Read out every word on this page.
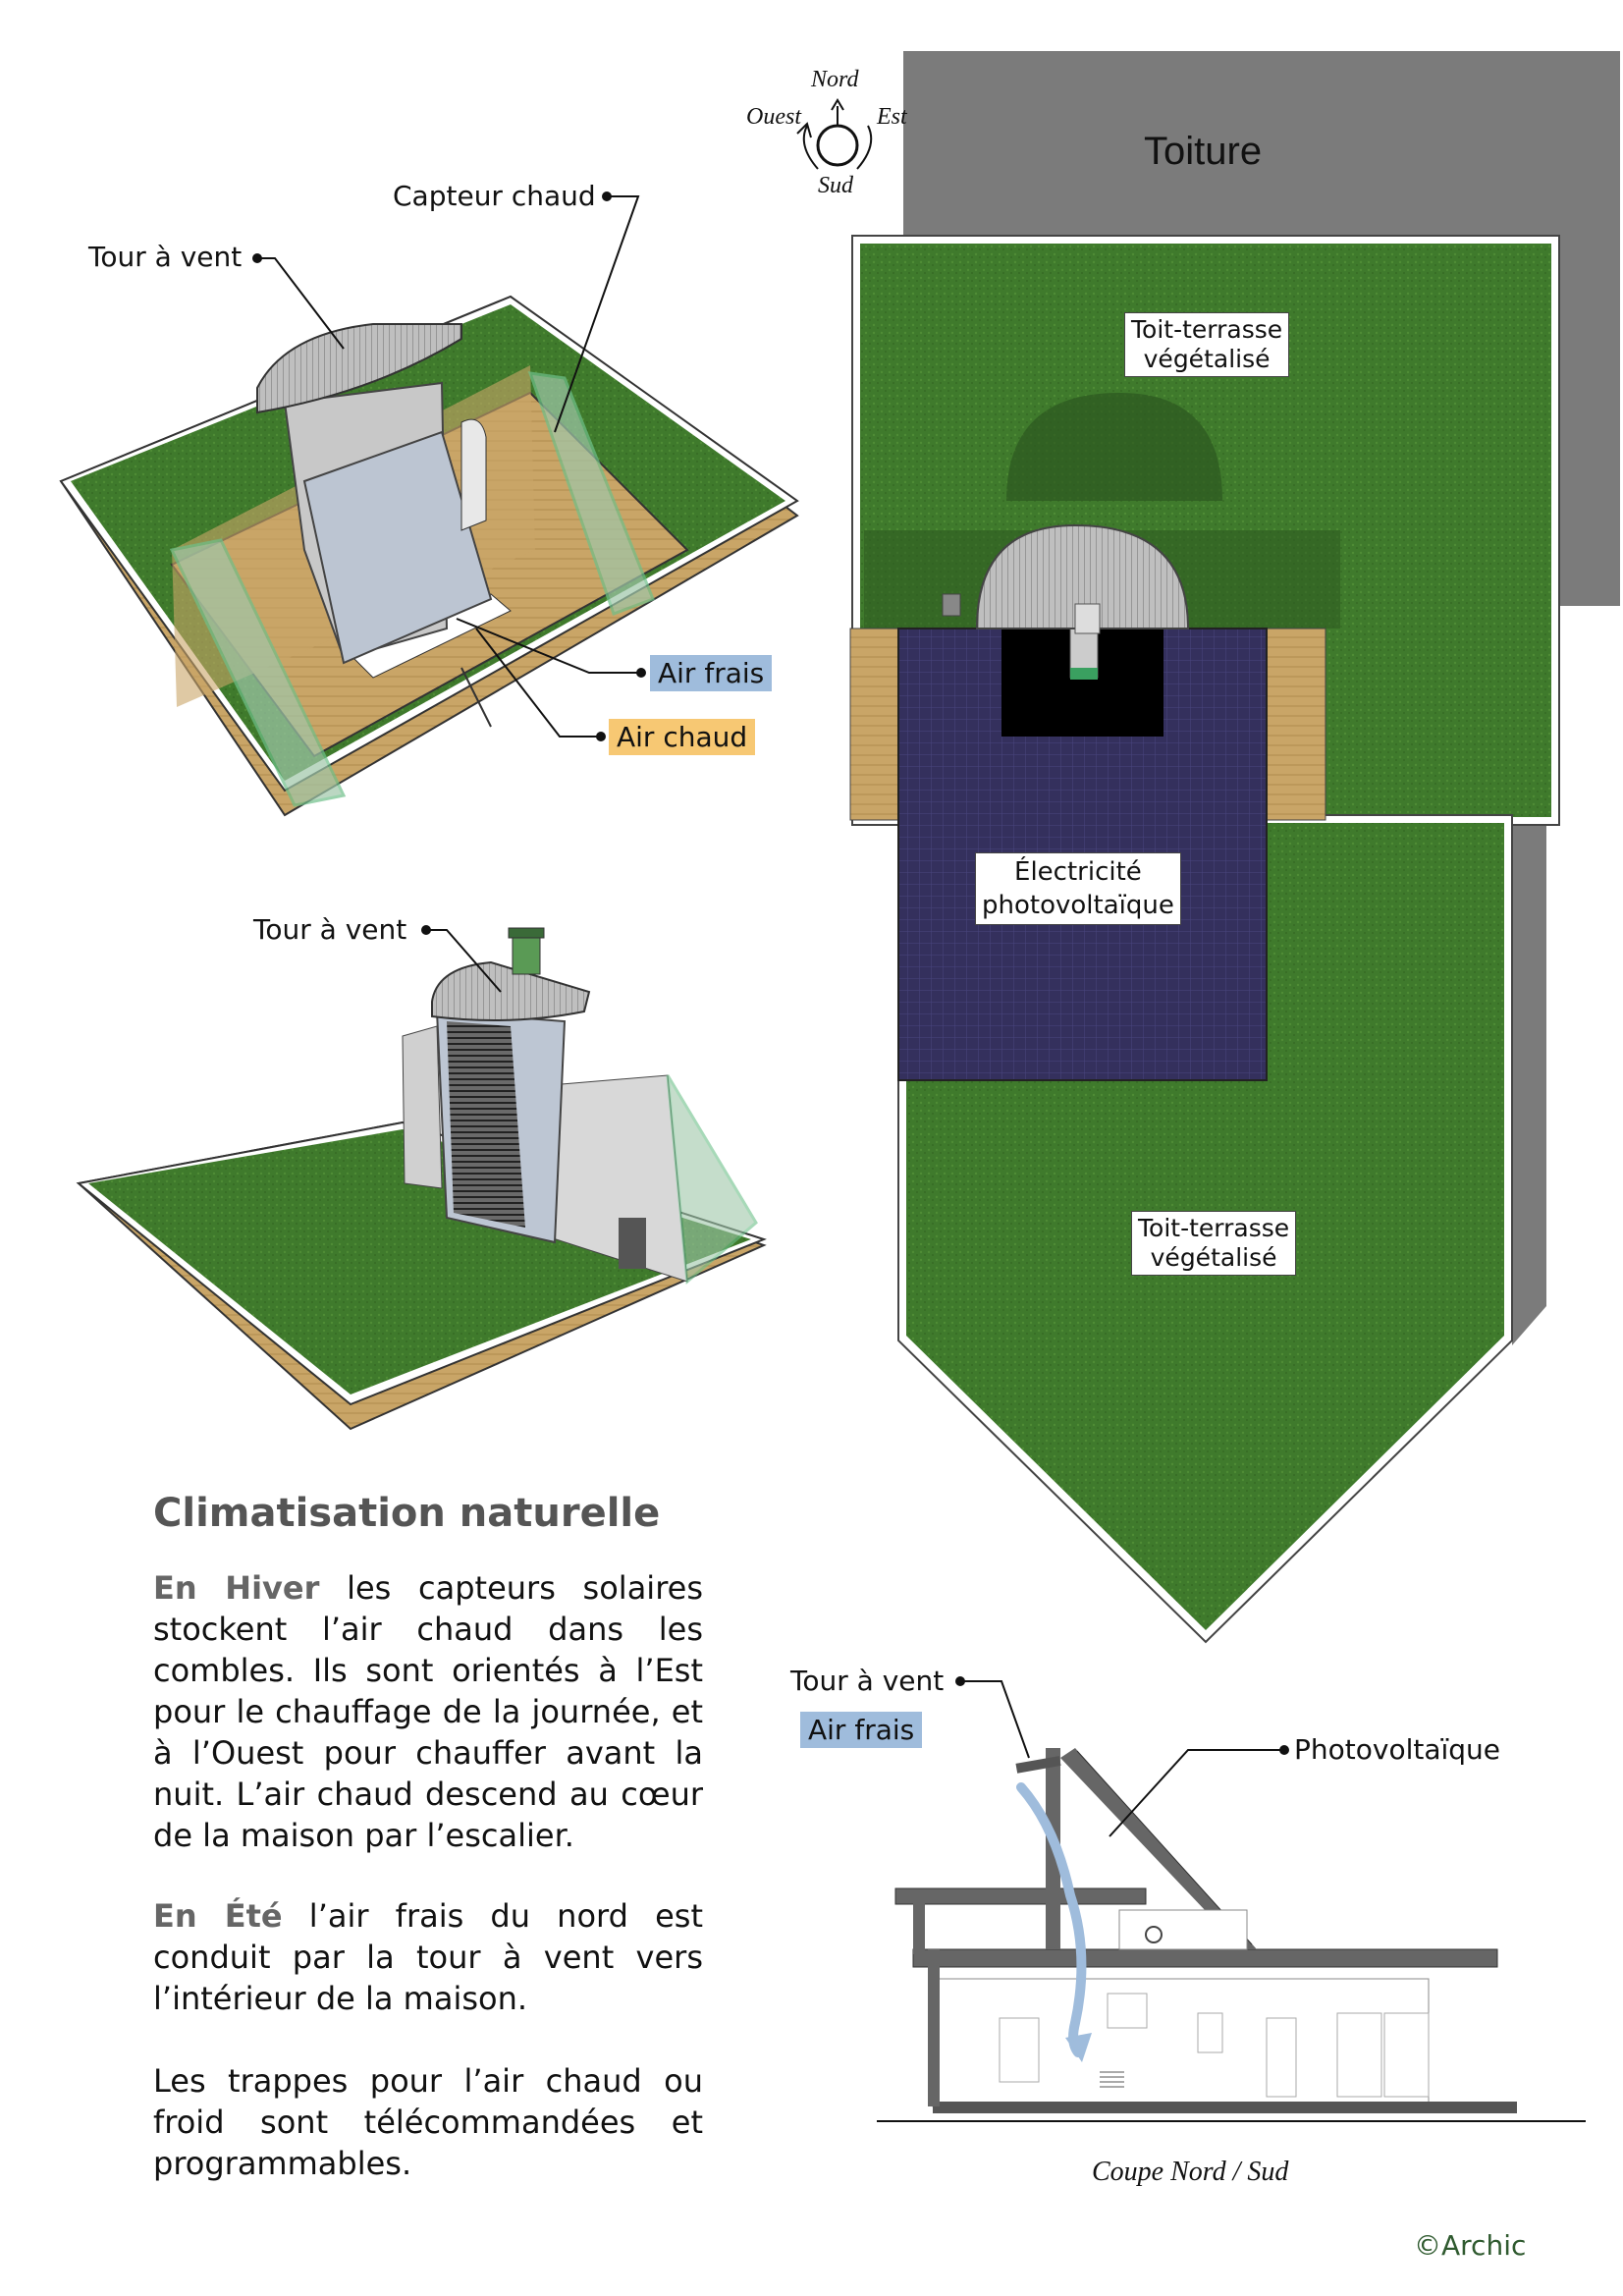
Nord
Ouest	Est
Sud
Toiture
Toit-terrasse
végétalisé
Électricité
photovoltaïque
Toit-terrasse
végétalisé
Tour à vent
Capteur chaud
Air frais
Air chaud
Tour à vent
Tour à vent
Air frais
Photovoltaïque
Coupe Nord / Sud
Climatisation naturelle
En Hiver les capteurs solaires stockent l’air chaud dans les combles. Ils sont orientés à l’Est pour le chauffage de la journée, et à l’Ouest pour chauffer avant la nuit. L’air chaud descend au cœur de la maison par l’escalier.
En Été l’air frais du nord est conduit par la tour à vent vers l’intérieur de la maison.
Les trappes pour l’air chaud ou froid sont télécommandées et programmables.
©Archic
